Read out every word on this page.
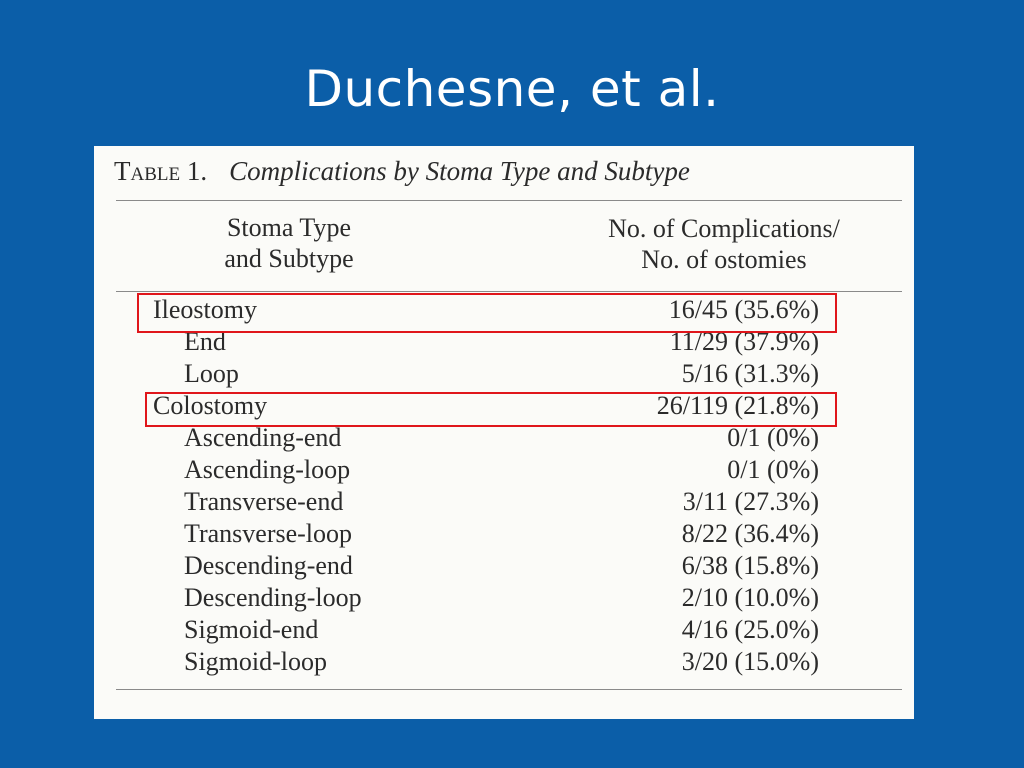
Duchesne, et al.
Table 1. Complications by Stoma Type and Subtype
Stoma Type
and Subtype
No. of Complications/
No. of ostomies
Ileostomy	16/45 (35.6%)
End	11/29 (37.9%)
Loop	5/16 (31.3%)
Colostomy	26/119 (21.8%)
Ascending-end	0/1 (0%)
Ascending-loop	0/1 (0%)
Transverse-end	3/11 (27.3%)
Transverse-loop	8/22 (36.4%)
Descending-end	6/38 (15.8%)
Descending-loop	2/10 (10.0%)
Sigmoid-end	4/16 (25.0%)
Sigmoid-loop	3/20 (15.0%)
